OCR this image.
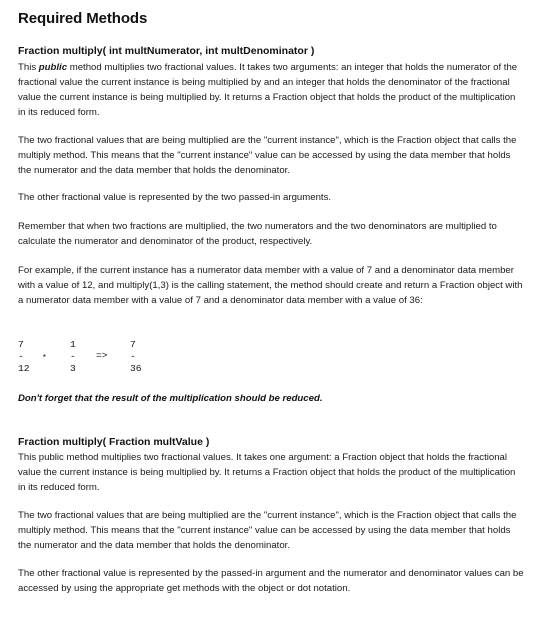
Required Methods
Fraction multiply( int multNumerator, int multDenominator )

This public method multiplies two fractional values. It takes two arguments: an integer that holds the numerator of the fractional value the current instance is being multiplied by and an integer that holds the denominator of the fractional value the current instance is being multiplied by. It returns a Fraction object that holds the product of the multiplication in its reduced form.

The two fractional values that are being multiplied are the "current instance", which is the Fraction object that calls the multiply method. This means that the "current instance" value can be accessed by using the data member that holds the numerator and the data member that holds the denominator.

The other fractional value is represented by the two passed-in arguments.

Remember that when two fractions are multiplied, the two numerators and the two denominators are multiplied to calculate the numerator and denominator of the product, respectively.

For example, if the current instance has a numerator data member with a value of 7 and a denominator data member with a value of 12, and multiply(1,3) is the calling statement, the method should create and return a Fraction object with a numerator data member with a value of 7 and a denominator data member with a value of 36:

7
-
12
*
1
-
3
=>
7
-
36

Don't forget that the result of the multiplication should be reduced.

Fraction multiply( Fraction multValue )

This public method multiplies two fractional values. It takes one argument: a Fraction object that holds the fractional value the current instance is being multiplied by. It returns a Fraction object that holds the product of the multiplication in its reduced form.

The two fractional values that are being multiplied are the "current instance", which is the Fraction object that calls the multiply method. This means that the "current instance" value can be accessed by using the data member that holds the numerator and the data member that holds the denominator.

The other fractional value is represented by the passed-in argument and the numerator and denominator values can be accessed by using the appropriate get methods with the object or dot notation.
